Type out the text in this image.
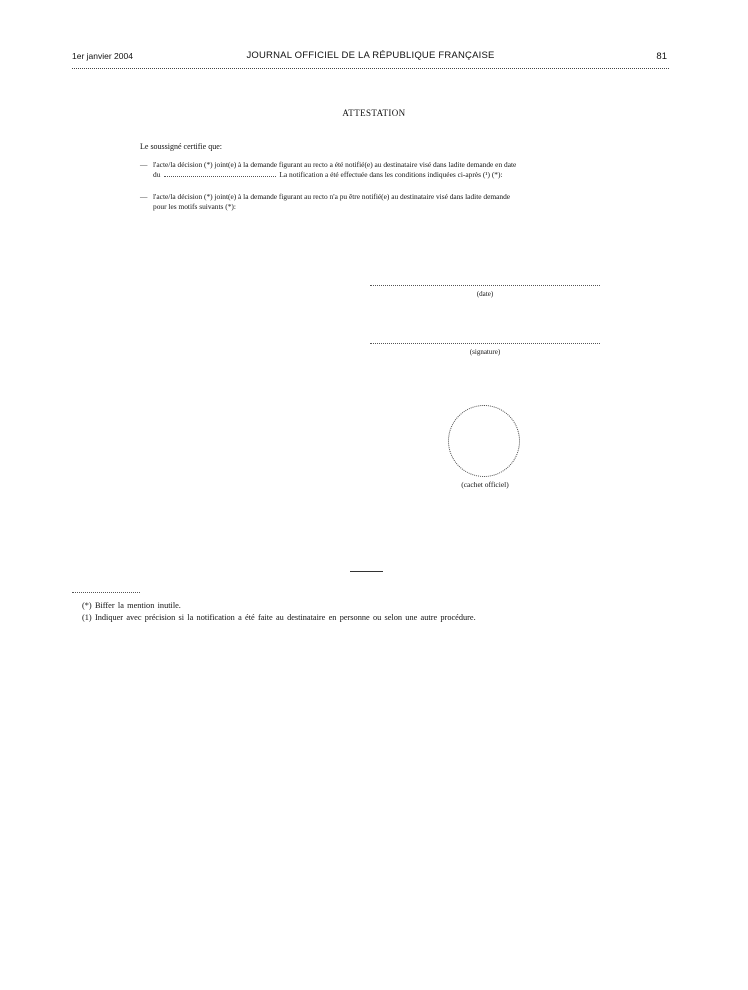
1er janvier 2004	JOURNAL OFFICIEL DE LA RÉPUBLIQUE FRANÇAISE	81
ATTESTATION
Le soussigné certifie que:
— l'acte/la décision (*) joint(e) à la demande figurant au recto a été notifié(e) au destinataire visé dans ladite demande en date
du	La notification a été effectuée dans les conditions indiquées ci-après (¹) (*):
— l'acte/la décision (*) joint(e) à la demande figurant au recto n'a pu être notifié(e) au destinataire visé dans ladite demande
pour les motifs suivants (*):
(date)
(signature)
(cachet officiel)
(*) Biffer la mention inutile.
(1) Indiquer avec précision si la notification a été faite au destinataire en personne ou selon une autre procédure.
